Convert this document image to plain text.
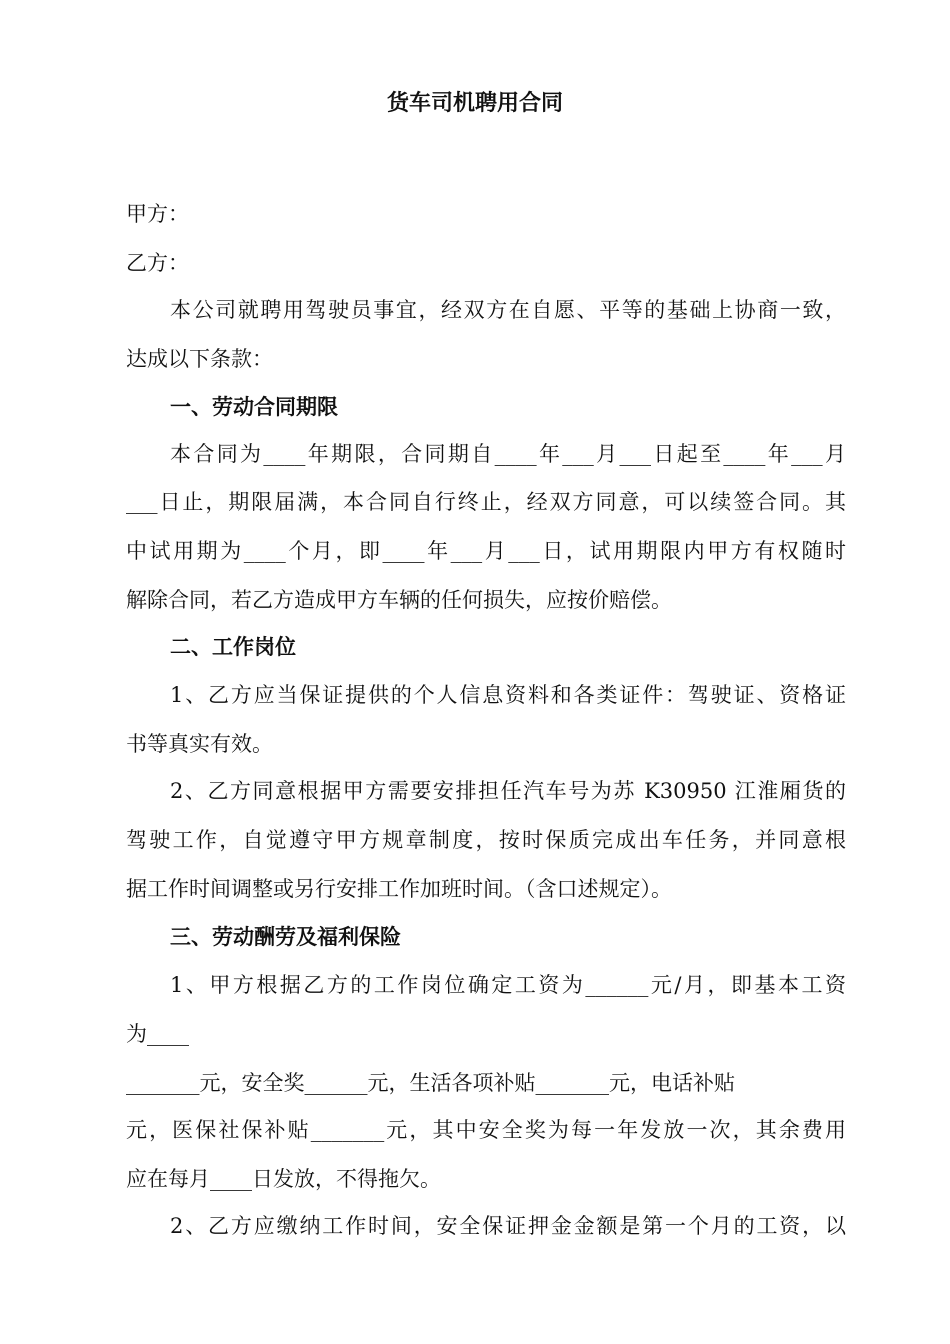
货车司机聘用合同
甲方：
乙方：
本公司就聘用驾驶员事宜，经双方在自愿、平等的基础上协商一致，
达成以下条款：
一、劳动合同期限
本合同为____年期限，合同期自____年___月___日起至____年___月
___日止，期限届满，本合同自行终止，经双方同意，可以续签合同。其
中试用期为____个月，即____年___月___日，试用期限内甲方有权随时
解除合同，若乙方造成甲方车辆的任何损失，应按价赔偿。
二、工作岗位
1、乙方应当保证提供的个人信息资料和各类证件：驾驶证、资格证
书等真实有效。
2、乙方同意根据甲方需要安排担任汽车号为苏 K30950 江淮厢货的
驾驶工作，自觉遵守甲方规章制度，按时保质完成出车任务，并同意根
据工作时间调整或另行安排工作加班时间。（含口述规定）。
三、劳动酬劳及福利保险
1、甲方根据乙方的工作岗位确定工资为______元/月，即基本工资
为____
_______元，安全奖______元，生活各项补贴_______元，电话补贴
元，医保社保补贴_______元，其中安全奖为每一年发放一次，其余费用
应在每月____日发放，不得拖欠。
2、乙方应缴纳工作时间，安全保证押金金额是第一个月的工资，以
